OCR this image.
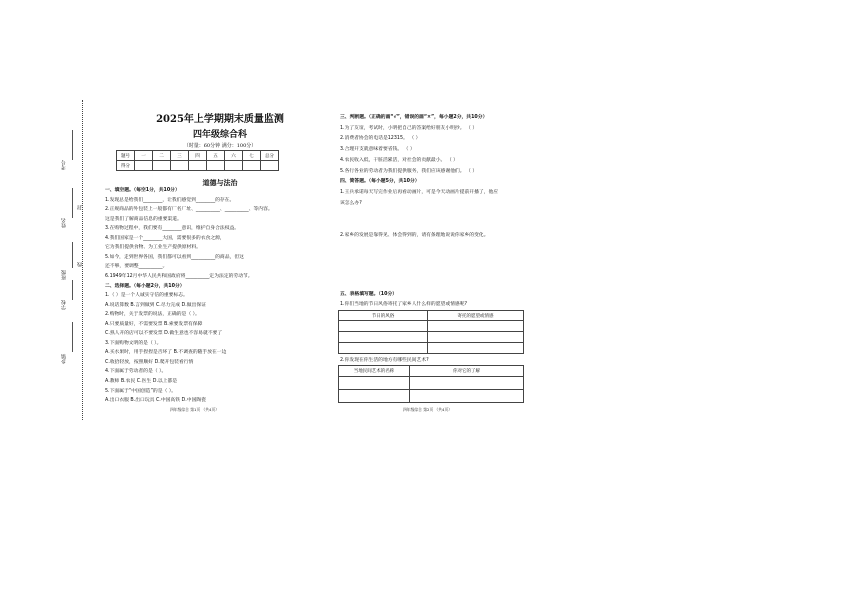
考号
姓名
班级
学校
乡镇
封
线
2025年上学期期末质量监测
四年级综合科
（时量：60分钟 满分：100分）
题号	一	二	三	四	五	六	七	总分
得分								
道德与法治
一、填空题。（每空1分，共10分）
1.发现总是给我们________，让我们感觉到________的存在。
2.正规商品的外包装上一般都有厂名厂址、__________、__________、等内容。
这是我们了解商品信息的重要渠道。
3.在购物过程中，我们要有________意识，维护自身合法权益。
4.我们国家是一个________大国，需要很多的衣食之源，
它为我们提供食物、为工业生产提供原材料。
5.如今，走到世界各国，我们都可以看到__________的商品，但这
还不够，要调整__________。
6.1949年12月中华人民共和国政府将__________定为法定的劳动节。
二、选择题。（每小题2分，共10分）
1.（ ）是一个人诚实守信的重要标志。
A.说话算数 B.言到做到 C.尽力完成 D.做出保证
2.购物时，关于发票的说法，正确的是（ ）。
A.只要质量好，不需要发票 B.索要发票有保障
C.熟人开的店可以不要发票 D.做生意也不容易就不要了
3.下面购物文明的是（ ）。
A.买水果时，用手捏捏是否坏了 B.不调查的随手放在一边
C.收拾轻放，按照顺好 D.爬开包装看行情
4.下面属于劳动者的是（ ）。
A.教师 B.农民 C.医生 D.以上都是
5.下面属于“中国创造”的是（ ）。
A.出口衣服 B.出口玩具 C.中国高铁 D.中国陶瓷
四年级综合 第1页 （共4页）
三、判断题。（正确的画“√”，错误的画“×”，每小题2分，共10分）
1.为了友谊，考试时，小明把自己的答案给好朋友小明抄。 （ ）
2.消费者协会的电话是12315。 （ ）
3.合理开支就意味着要省钱。 （ ）
4.农民收入低，干脏活累活，对社会的贡献最小。 （ ）
5.各行各业的劳动者为我们提供服务，我们应该感谢他们。 （ ）
四、简答题。（每小题5分，共10分）
1.王兵承诺每天写完作业后再看动画片，可是今天动画片提前开播了，他应
该怎么办?
2.家乡的发展是靠得见、体会得到的，请有条理地说说你家乡的变化。
五、表格填写题。（10分）
1.你们当地的节日风俗寄托了家乡人什么样的愿望或情感呢?
节日的风俗	寄托的愿望或情感

2.你发现在你生活的地方有哪些民间艺术?
当地民间艺术的名称	你对它的了解

四年级综合 第2页 （共4页）
